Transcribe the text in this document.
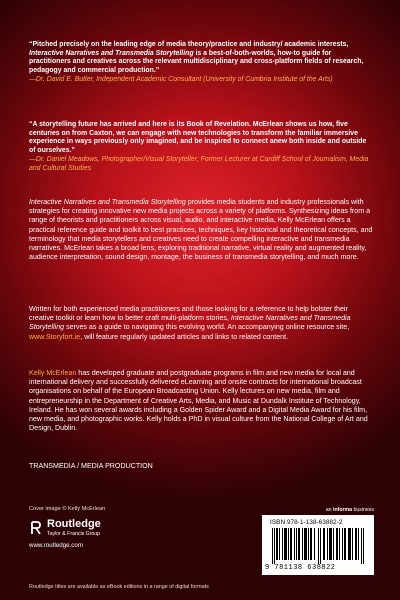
“Pitched precisely on the leading edge of media theory/practice and industry/ academic interests, Interactive Narratives and Transmedia Storytelling is a best-of-both-worlds, how-to guide for practitioners and creatives across the relevant multidisciplinary and cross-platform fields of research, pedagogy and commercial production.”

—Dr. David E. Butler, Independent Academic Consultant (University of Cumbria Institute of the Arts)

“A storytelling future has arrived and here is its Book of Revelation. McErlean shows us how, five centuries on from Caxton, we can engage with new technologies to transform the familiar immersive experience in ways previously only imagined, and be inspired to connect anew both inside and outside of ourselves.”

—Dr. Daniel Meadows, Photographer/Visual Storyteller; Former Lecturer at Cardiff School of Journalism, Media and Cultural Studies

Interactive Narratives and Transmedia Storytelling provides media students and industry professionals with strategies for creating innovative new media projects across a variety of platforms. Synthesizing ideas from a range of theorists and practitioners across visual, audio, and interactive media, Kelly McErlean offers a practical reference guide and toolkit to best practices, techniques, key historical and theoretical concepts, and terminology that media storytellers and creatives need to create compelling interactive and transmedia narratives. McErlean takes a broad lens, exploring traditional narrative, virtual reality and augmented reality, audience interpretation, sound design, montage, the business of transmedia storytelling, and much more.

Written for both experienced media practitioners and those looking for a reference to help bolster their creative toolkit or learn how to better craft multi-platform stories, Interactive Narratives and Transmedia Storytelling serves as a guide to navigating this evolving world. An accompanying online resource site, www.Storyfort.ie, will feature regularly updated articles and links to related content.

Kelly McErlean has developed graduate and postgraduate programs in film and new media for local and international delivery and successfully delivered eLearning and onsite contracts for international broadcast organisations on behalf of the European Broadcasting Union. Kelly lectures on new media, film and entrepreneurship in the Department of Creative Arts, Media, and Music at Dundalk Institute of Technology, Ireland. He has won several awards including a Golden Spider Award and a Digital Media Award for his film, new media, and photographic works. Kelly holds a PhD in visual culture from the National College of Art and Design, Dublin.

TRANSMEDIA / MEDIA PRODUCTION

Cover image © Kelly McErlean
Routledge
Taylor & Francis Group
www.routledge.com
an informa business
ISBN 978-1-138-63882-2
9 781138 638822
Routledge titles are available as eBook editions in a range of digital formats
